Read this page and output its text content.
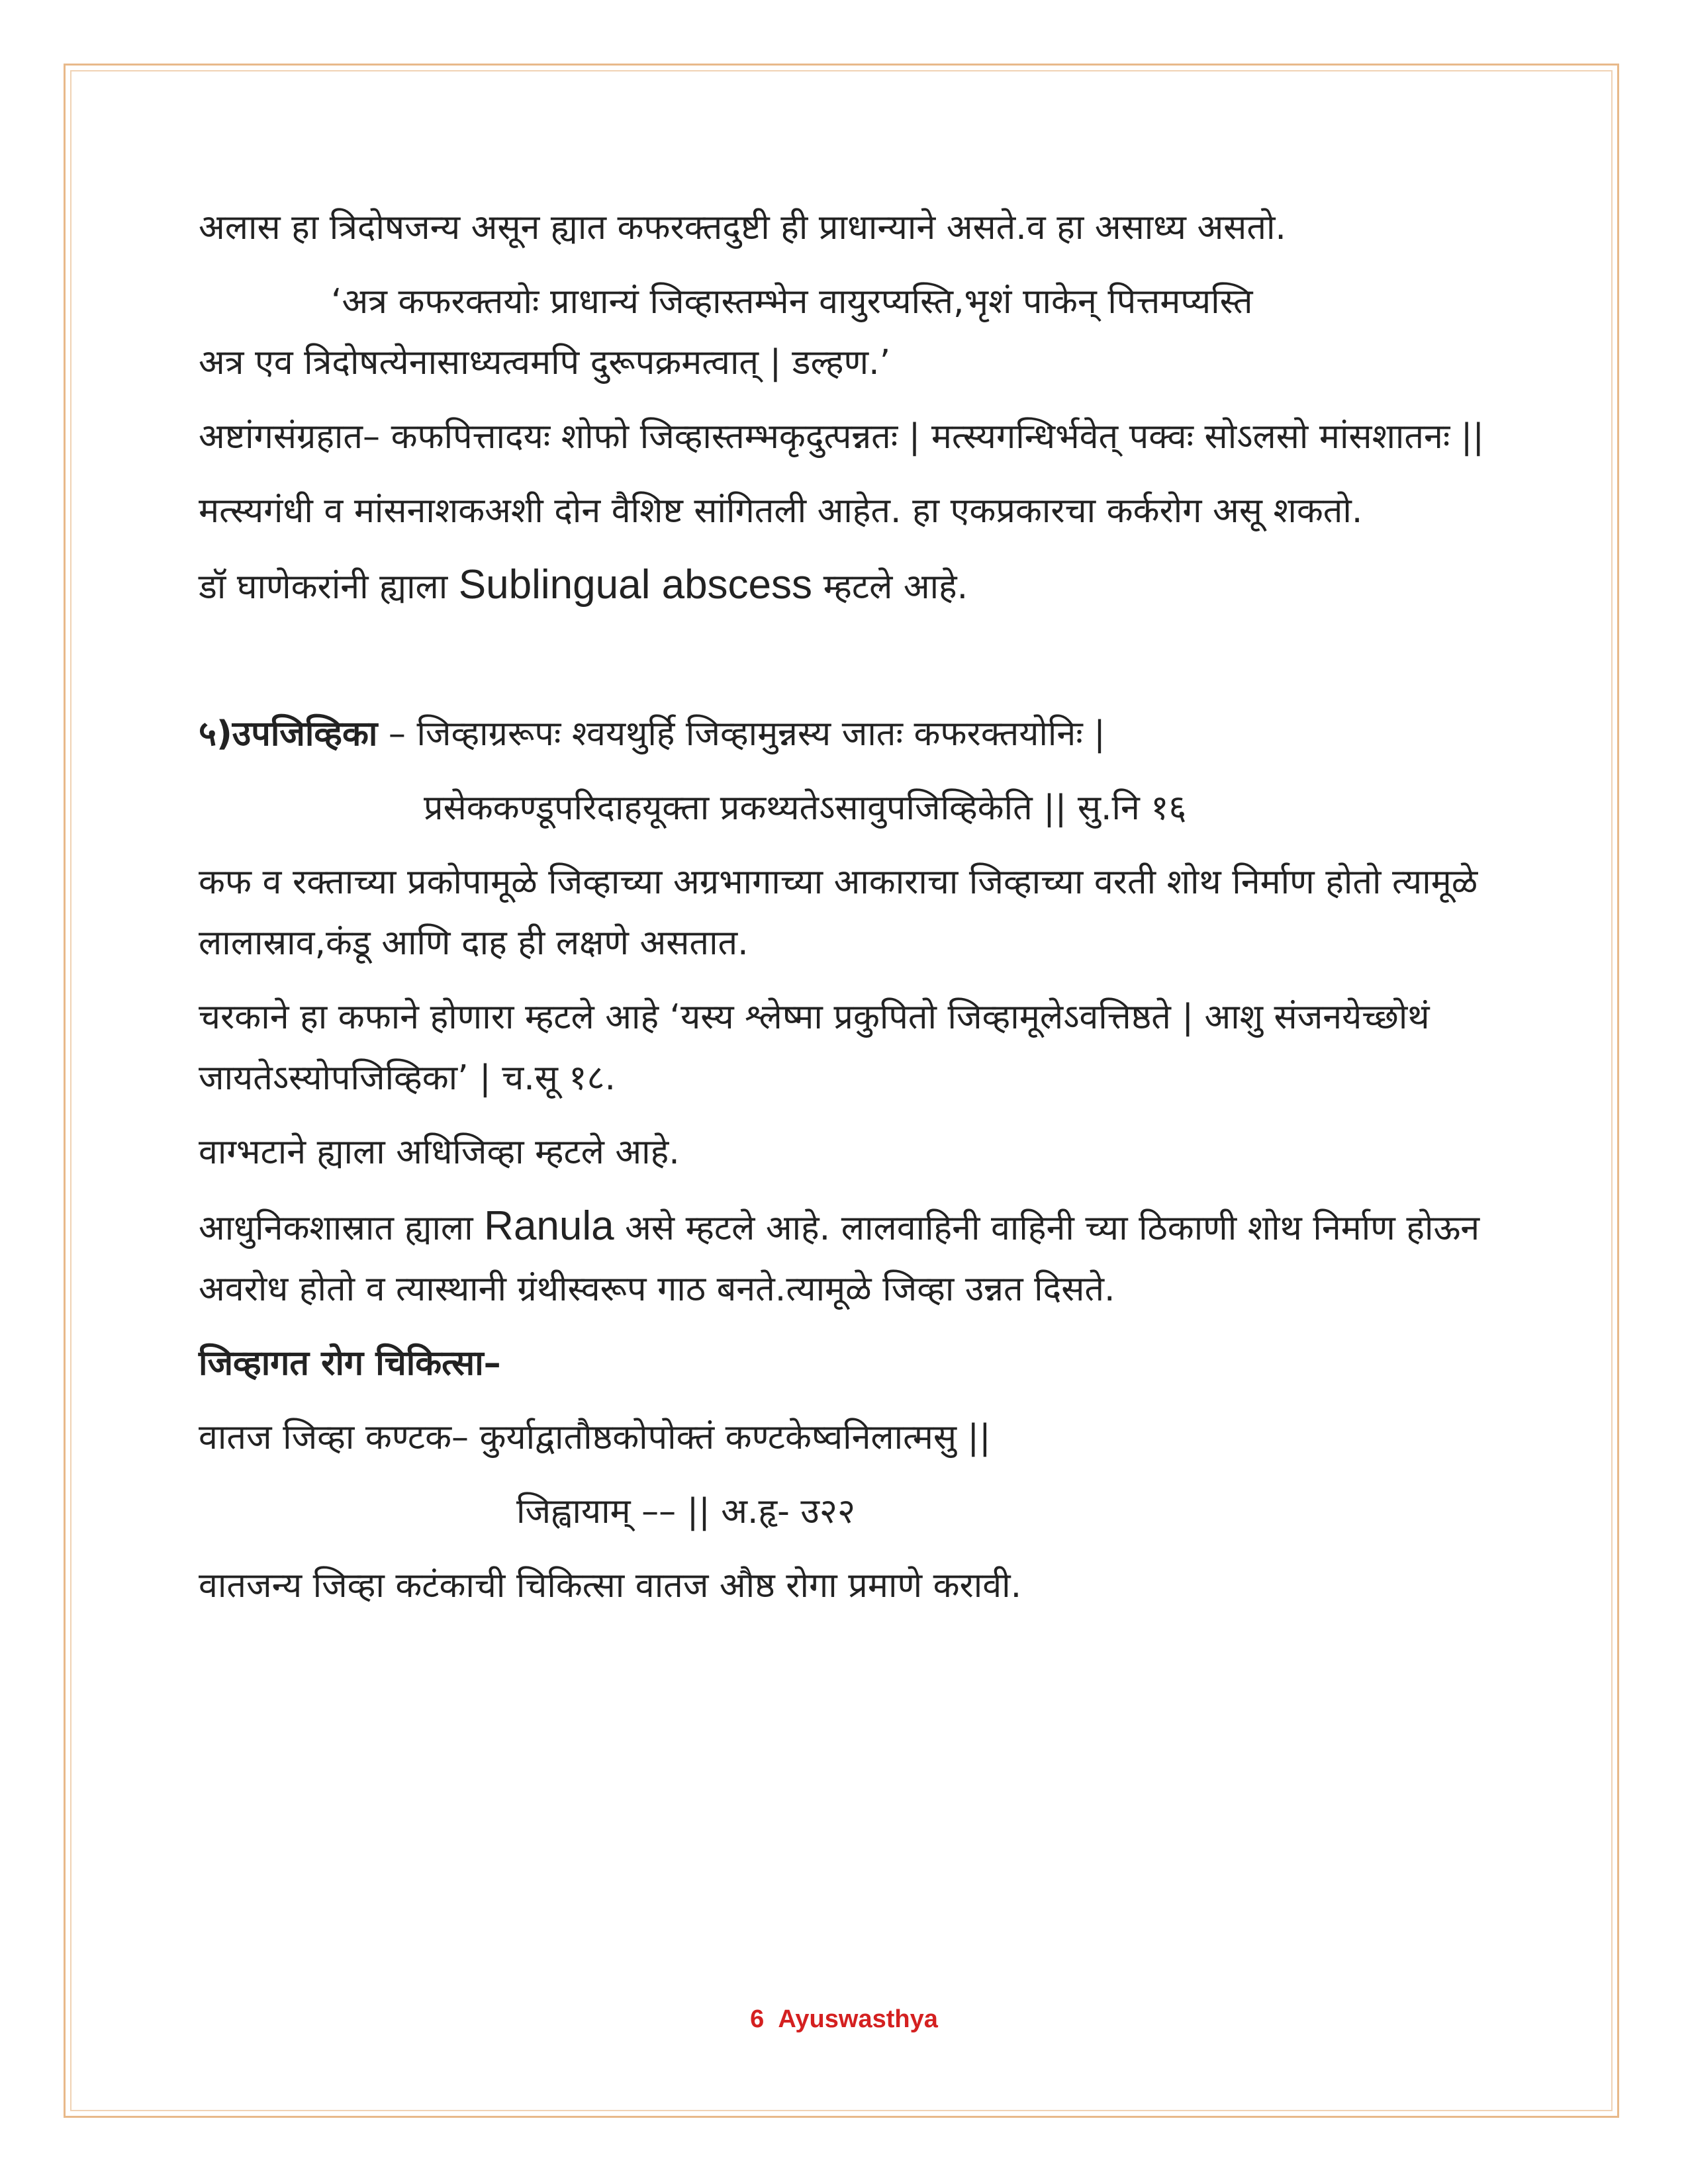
अलास हा त्रिदोषजन्य असून ह्यात कफरक्तदुष्टी ही प्राधान्याने असते.व हा असाध्य असतो.

‘अत्र कफरक्तयोः प्राधान्यं जिव्हास्तम्भेन वायुरप्यस्ति,भृशं पाकेन् पित्तमप्यस्ति
अत्र एव त्रिदोषत्येनासाध्यत्वमपि दुरूपक्रमत्वात् | डल्हण.’

अष्टांगसंग्रहात– कफपित्तादयः शोफो जिव्हास्तम्भकृदुत्पन्नतः | मत्स्यगन्धिर्भवेत् पक्वः सोऽलसो मांसशातनः ||

मत्स्यगंधी व मांसनाशकअशी दोन वैशिष्ट सांगितली आहेत. हा एकप्रकारचा कर्करोग असू शकतो.

डॉ घाणेकरांनी ह्याला Sublingual abscess म्हटले आहे.

५)उपजिव्हिका – जिव्हाग्ररूपः श्वयथुर्हि जिव्हामुन्नस्य जातः कफरक्तयोनिः |

प्रसेककण्डूपरिदाहयूक्ता प्रकथ्यतेऽसावुपजिव्हिकेति || सु.नि १६

कफ व रक्ताच्या प्रकोपामूळे जिव्हाच्या अग्रभागाच्या आकाराचा जिव्हाच्या वरती शोथ निर्माण होतो त्यामूळे लालास्राव,कंडू आणि दाह ही लक्षणे असतात.

चरकाने हा कफाने होणारा म्हटले आहे ‘यस्य श्लेष्मा प्रकुपितो जिव्हामूलेऽवत्तिष्ठते | आशु संजनयेच्छोथं जायतेऽस्योपजिव्हिका’ | च.सू १८.

वाग्भटाने ह्याला अधिजिव्हा म्हटले आहे.

आधुनिकशास्रात ह्याला Ranula असे म्हटले आहे. लालवाहिनी वाहिनी च्या ठिकाणी शोथ निर्माण होऊन अवरोध होतो व त्यास्थानी ग्रंथीस्वरूप गाठ बनते.त्यामूळे जिव्हा उन्नत दिसते.

जिव्हागत रोग चिकित्सा–

वातज जिव्हा कण्टक– कुर्याद्वातौष्ठकोपोक्तं कण्टकेष्वनिलात्मसु ||

जिह्वायाम् –– || अ.हृ- उ२२

वातजन्य जिव्हा कटंकाची चिकित्सा वातज औष्ठ रोगा प्रमाणे करावी.

6 Ayuswasthya
